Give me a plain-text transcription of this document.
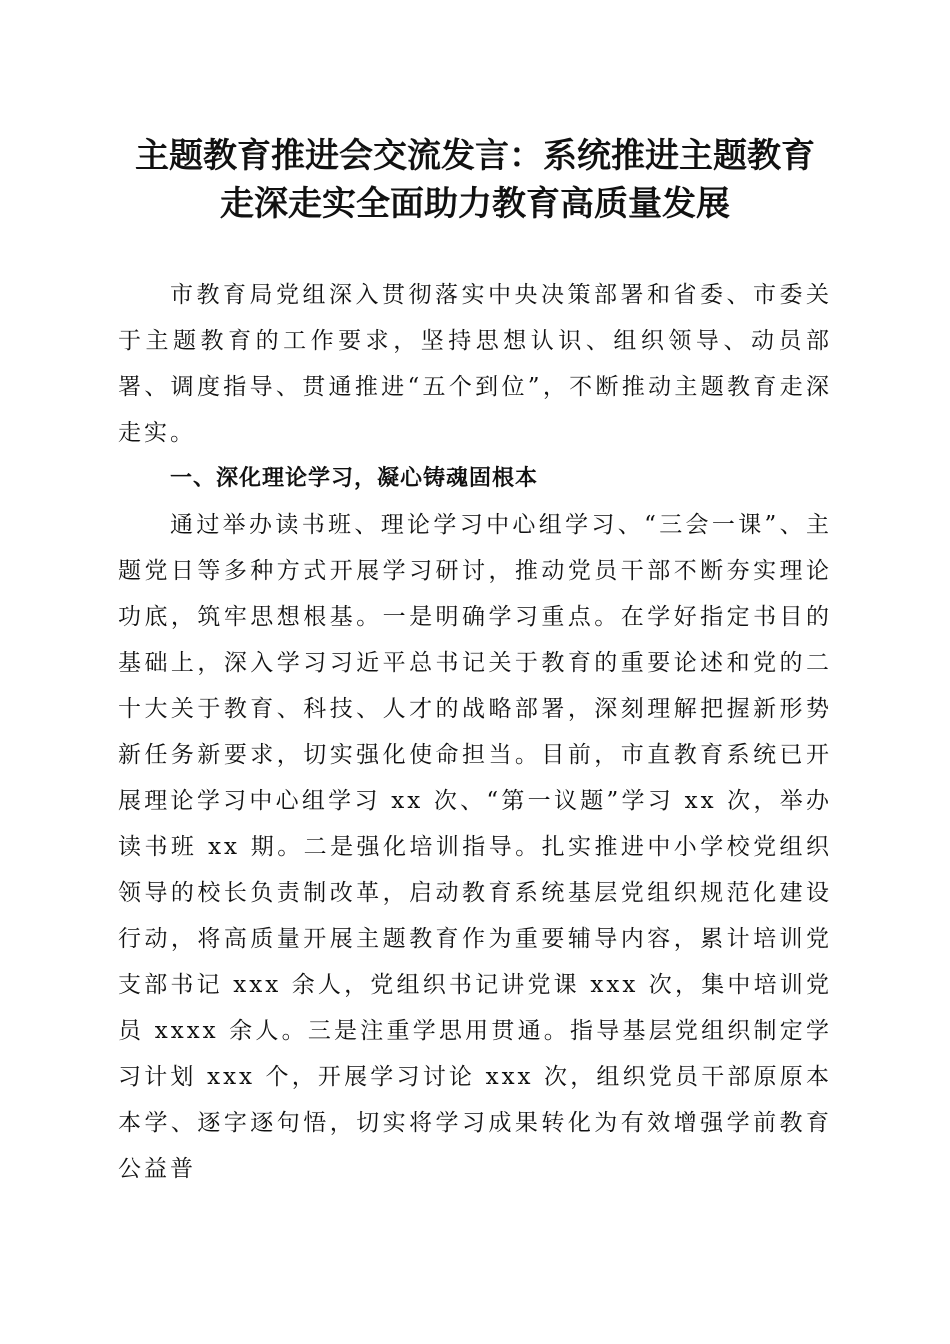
主题教育推进会交流发言：系统推进主题教育
走深走实全面助力教育高质量发展

市教育局党组深入贯彻落实中央决策部署和省委、市委关于主题教育的工作要求，坚持思想认识、组织领导、动员部署、调度指导、贯通推进“五个到位”，不断推动主题教育走深走实。

一、深化理论学习，凝心铸魂固根本

通过举办读书班、理论学习中心组学习、“三会一课”、主题党日等多种方式开展学习研讨，推动党员干部不断夯实理论功底，筑牢思想根基。一是明确学习重点。在学好指定书目的基础上，深入学习习近平总书记关于教育的重要论述和党的二十大关于教育、科技、人才的战略部署，深刻理解把握新形势新任务新要求，切实强化使命担当。目前，市直教育系统已开展理论学习中心组学习 xx 次、“第一议题”学习 xx 次，举办读书班 xx 期。二是强化培训指导。扎实推进中小学校党组织领导的校长负责制改革，启动教育系统基层党组织规范化建设行动，将高质量开展主题教育作为重要辅导内容，累计培训党支部书记 xxx 余人，党组织书记讲党课 xxx 次，集中培训党员 xxxx 余人。三是注重学思用贯通。指导基层党组织制定学习计划 xxx 个，开展学习讨论 xxx 次，组织党员干部原原本本学、逐字逐句悟，切实将学习成果转化为有效增强学前教育公益普
